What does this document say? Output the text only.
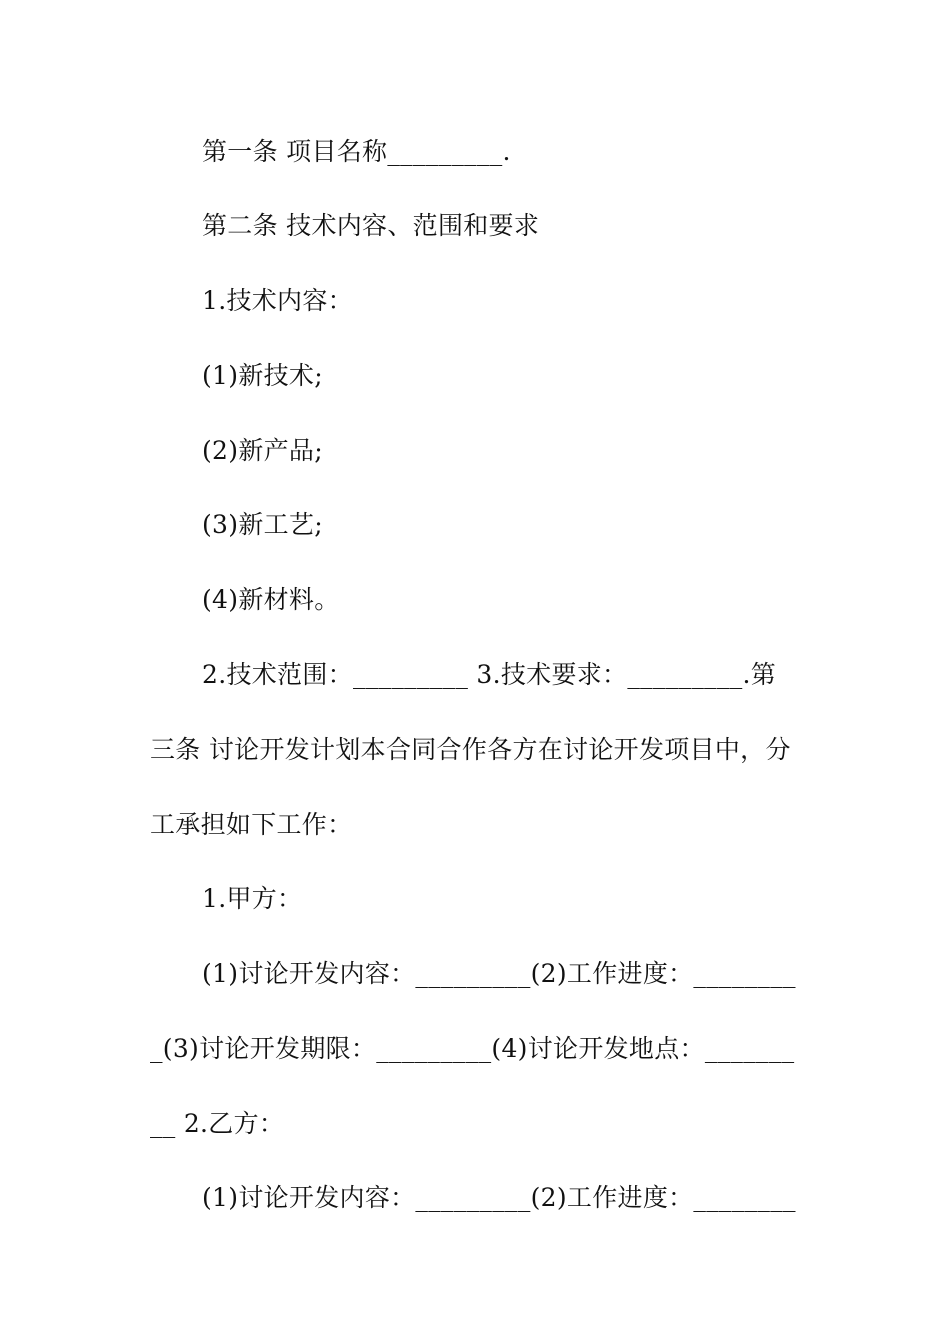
第一条 项目名称_________.
第二条 技术内容、范围和要求
1.技术内容：
(1)新技术;
(2)新产品;
(3)新工艺;
(4)新材料。
2.技术范围：_________ 3.技术要求：_________.第
三条 讨论开发计划本合同合作各方在讨论开发项目中，分
工承担如下工作：
1.甲方：
(1)讨论开发内容：_________(2)工作进度：________
_(3)讨论开发期限：_________(4)讨论开发地点：_______
__ 2.乙方：
(1)讨论开发内容：_________(2)工作进度：________
